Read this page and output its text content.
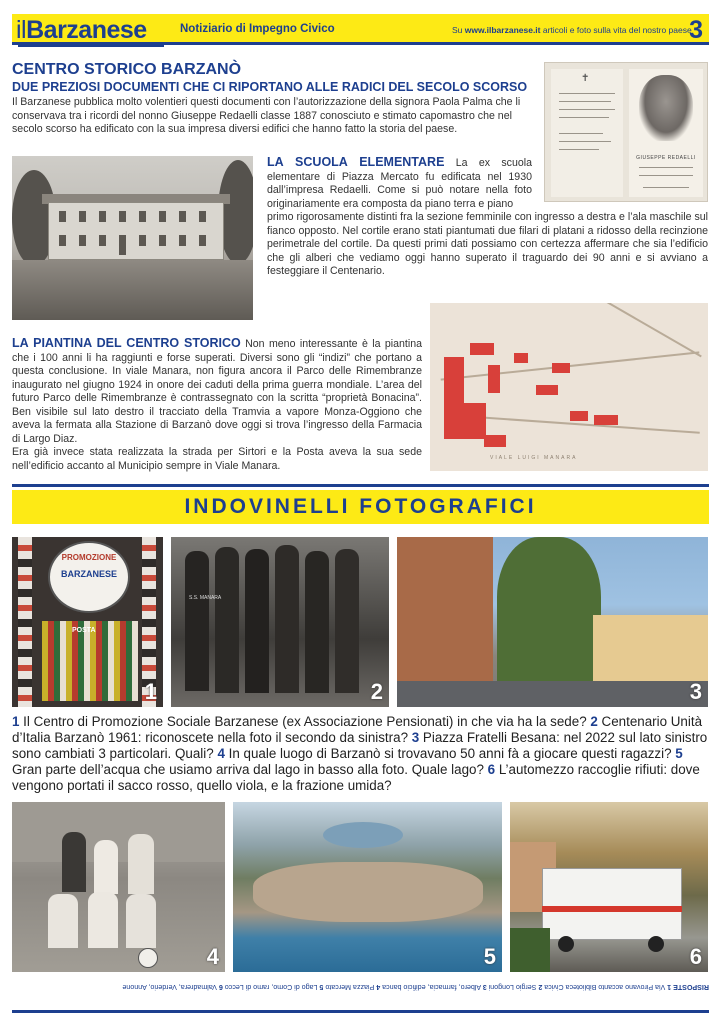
ilBarzanese	Notiziario di Impegno Civico	Su www.ilbarzanese.it articoli e foto sulla vita del nostro paese
3
CENTRO STORICO BARZANÒ
DUE PREZIOSI DOCUMENTI CHE CI RIPORTANO ALLE RADICI DEL SECOLO SCORSO
Il Barzanese pubblica molto volentieri questi documenti con l’autorizzazione della signora Paola Palma che li conservava tra i ricordi del nonno Giuseppe Redaelli classe 1887 conosciuto e stimato capomastro che nel secolo scorso ha edificato con la sua impresa diversi edifici che hanno fatto la storia del paese.
✝
GIUSEPPE REDAELLI
LA SCUOLA ELEMENTARE La ex scuola elementare di Piazza Mercato fu edificata nel 1930 dall’impresa Redaelli. Come si può notare nella foto originariamente era composta da piano terra e piano
primo rigorosamente distinti fra la sezione femminile con ingresso a destra e l’ala maschile sul fianco opposto. Nel cortile erano stati piantumati due filari di platani a ridosso della recinzione perimetrale del cortile. Da questi primi dati possiamo con certezza affermare che sia l’edificio che gli alberi che vediamo oggi hanno superato il traguardo dei 90 anni e si avviano a festeggiare il Centenario.
VIALE LUIGI MANARA
LA PIANTINA DEL CENTRO STORICO Non meno interessante è la piantina che i 100 anni li ha raggiunti e forse superati. Diversi sono gli “indizi” che portano a questa conclusione. In viale Manara, non figura ancora il Parco delle Rimembranze inaugurato nel giugno 1924 in onore dei caduti della prima guerra mondiale. L’area del futuro Parco delle Rimembranze è contrassegnato con la scritta “proprietà Bonacina”. Ben visibile sul lato destro il tracciato della Tramvia a vapore Monza-Oggiono che aveva la fermata alla Stazione di Barzanò dove oggi si trova l’ingresso della Farmacia di Largo Diaz.
Era già invece stata realizzata la strada per Sirtori e la Posta aveva la sua sede nell’edificio accanto al Municipio sempre in Viale Manara.
INDOVINELLI FOTOGRAFICI
PROMOZIONE
BARZANESE
POSTA
1
S.S. MANARA
2	3
1 Il Centro di Promozione Sociale Barzanese (ex Associazione Pensionati) in che via ha la sede? 2 Centenario Unità d’Italia Barzanò 1961: riconoscete nella foto il secondo da sinistra? 3 Piazza Fratelli Besana: nel 2022 sul lato sinistro sono cambiati 3 particolari. Quali? 4 In quale luogo di Barzanò si trovavano 50 anni fà a giocare questi ragazzi? 5 Gran parte dell’acqua che usiamo arriva dal lago in basso alla foto. Quale lago? 6 L’automezzo raccoglie rifiuti: dove vengono portati il sacco rosso, quello viola, e la frazione umida?
4	5	6
RISPOSTE 1 Via Pirovano accanto Biblioteca Civica 2 Sergio Longoni 3 Albero, farmacia, edificio banca 4 Piazza Mercato 5 Lago di Como, ramo di Lecco 6 Valmadrera, Verderio, Annone
